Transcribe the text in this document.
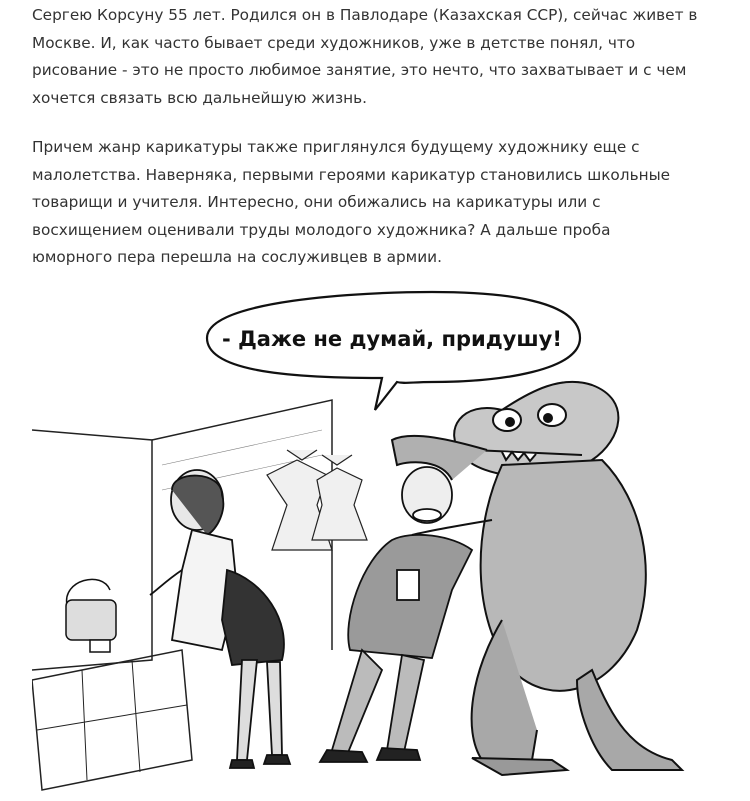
Сергею Корсуну 55 лет. Родился он в Павлодаре (Казахская ССР), сейчас живет в Москве. И, как часто бывает среди художников, уже в детстве понял, что рисование - это не просто любимое занятие, это нечто, что захватывает и с чем хочется связать всю дальнейшую жизнь.

Причем жанр карикатуры также приглянулся будущему художнику еще с малолетства. Наверняка, первыми героями карикатур становились школьные товарищи и учителя. Интересно, они обижались на карикатуры или с восхищением оценивали труды молодого художника? А дальше проба юморного пера перешла на сослуживцев в армии.

- Даже не думай, придушу!
